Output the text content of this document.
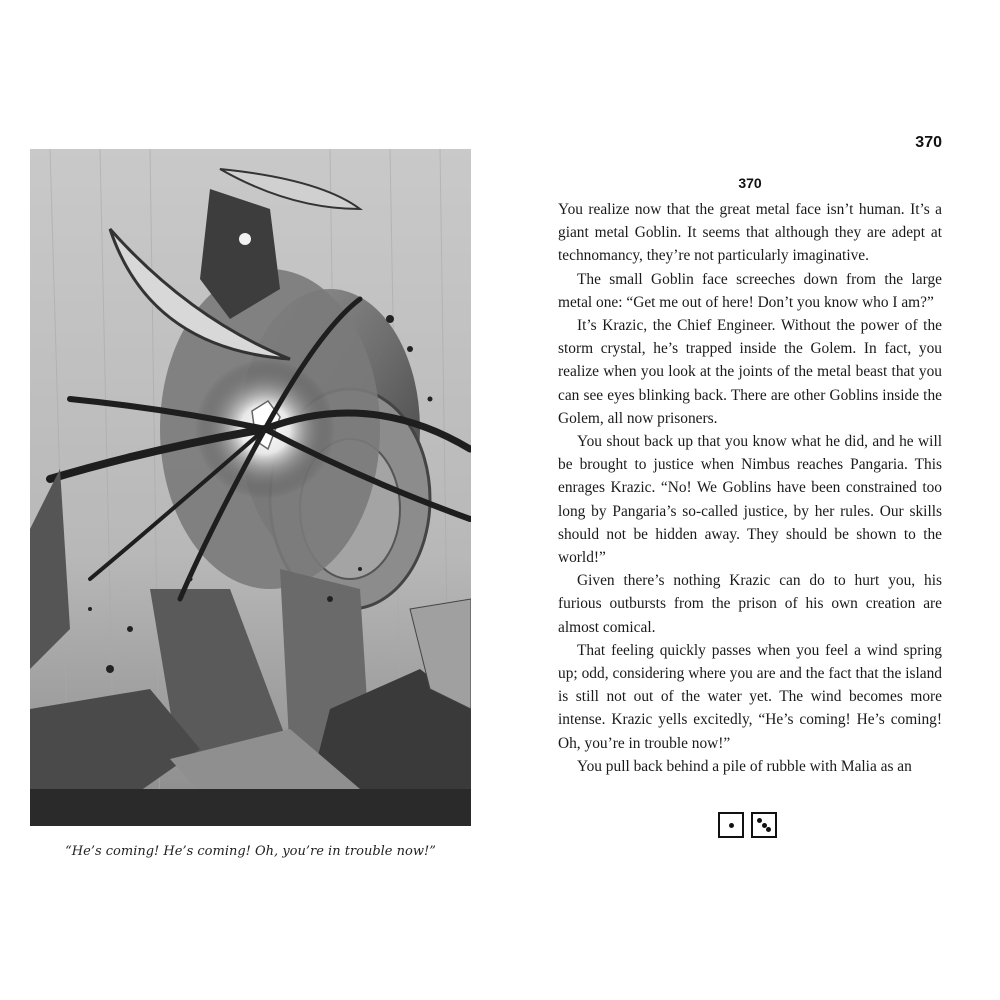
“He’s coming! He’s coming! Oh, you’re in trouble now!”
370
370

You realize now that the great metal face isn’t human. It’s a giant metal Goblin. It seems that although they are adept at technomancy, they’re not particularly imaginative.

The small Goblin face screeches down from the large metal one: “Get me out of here! Don’t you know who I am?”

It’s Krazic, the Chief Engineer. Without the power of the storm crystal, he’s trapped inside the Golem. In fact, you realize when you look at the joints of the metal beast that you can see eyes blinking back. There are other Goblins inside the Golem, all now prisoners.

You shout back up that you know what he did, and he will be brought to justice when Nimbus reaches Pangaria. This enrages Krazic. “No! We Goblins have been constrained too long by Pangaria’s so-called justice, by her rules. Our skills should not be hidden away. They should be shown to the world!”

Given there’s nothing Krazic can do to hurt you, his furious outbursts from the prison of his own creation are almost comical.

That feeling quickly passes when you feel a wind spring up; odd, considering where you are and the fact that the island is still not out of the water yet. The wind becomes more intense. Krazic yells excitedly, “He’s coming! He’s coming! Oh, you’re in trouble now!”

You pull back behind a pile of rubble with Malia as an
